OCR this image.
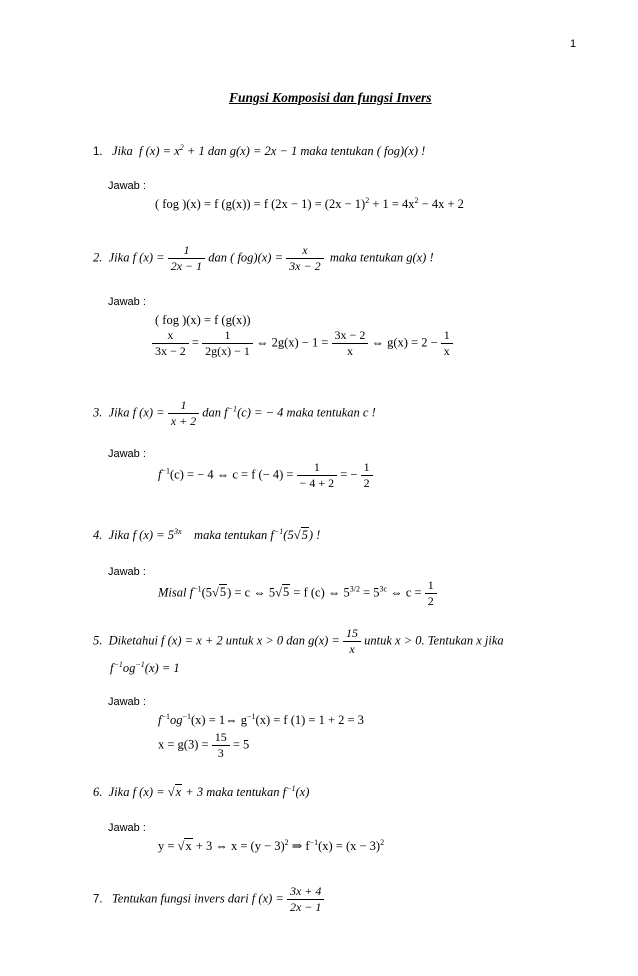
1
Fungsi Komposisi dan fungsi Invers
1. Jika f $(x) = x^2 + 1$ dan g(x) = 2x − 1 maka tentukan ( fog)(x) !
Jawab :
( fog )(x) = f (g(x)) = f $(2x - 1) = (2x - 1)^2 + 1 = 4x^2 - 4x + 2$
2. Jika f $(x) = \frac{1}{2x - 1}$ dan ( $fog)(x) = \frac{x}{3x - 2}$ maka tentukan g(x) !
Jawab :
( fog )(x) = f (g(x))
$\frac{x}{3x - 2} = \frac{1}{2g(x) - 1}$ ⇔ $2g(x) - 1 = \frac{3x - 2}{x}$ ⇔ $g(x) = 2 - \frac{1}{x}$
3. Jika f $(x) = \frac{1}{x + 2}$ dan $f^{-1}(c)$ = − 4 maka tentukan c !
Jawab :
$f^{-1}(c)$ = − 4 ⇔ c = f (− $4) = \frac{1}{- 4 + 2}$ = − $\frac{1}{2}$
4. Jika f $(x) = 5^{3x}$ maka tentukan $f^{-1}(5√5)$ !
Jawab :
Misal $f^{-1}(5√5) = c$ ⇔ 5√5 = f (c) ⇔ $5^{3/2} = 5^{3c}$ ⇔ $c = \frac{1}{2}$
5. Diketahui f (x) = x + 2 untuk x > 0 dan $g(x) = \frac{15}{x}$ untuk x > 0. Tentukan x jika
$f^{-1}og^{-1}(x) = 1$
Jawab :
$f^{-1}og^{-1}(x)$ = 1⇔ $g^{-1}(x) = f$ (1) = 1 + 2 = 3
$x = g(3) = \frac{15}{3} = 5$
6. Jika f (x) = √x + 3 maka tentukan $f^{-1}(x)$
Jawab :
y = √x + 3 ⇔ $x = (y - 3)^2$ ⇒ $f^{-1}(x) = (x - 3)^2$
7. Tentukan fungsi invers dari f $(x) = \frac{3x + 4}{2x - 1}$
